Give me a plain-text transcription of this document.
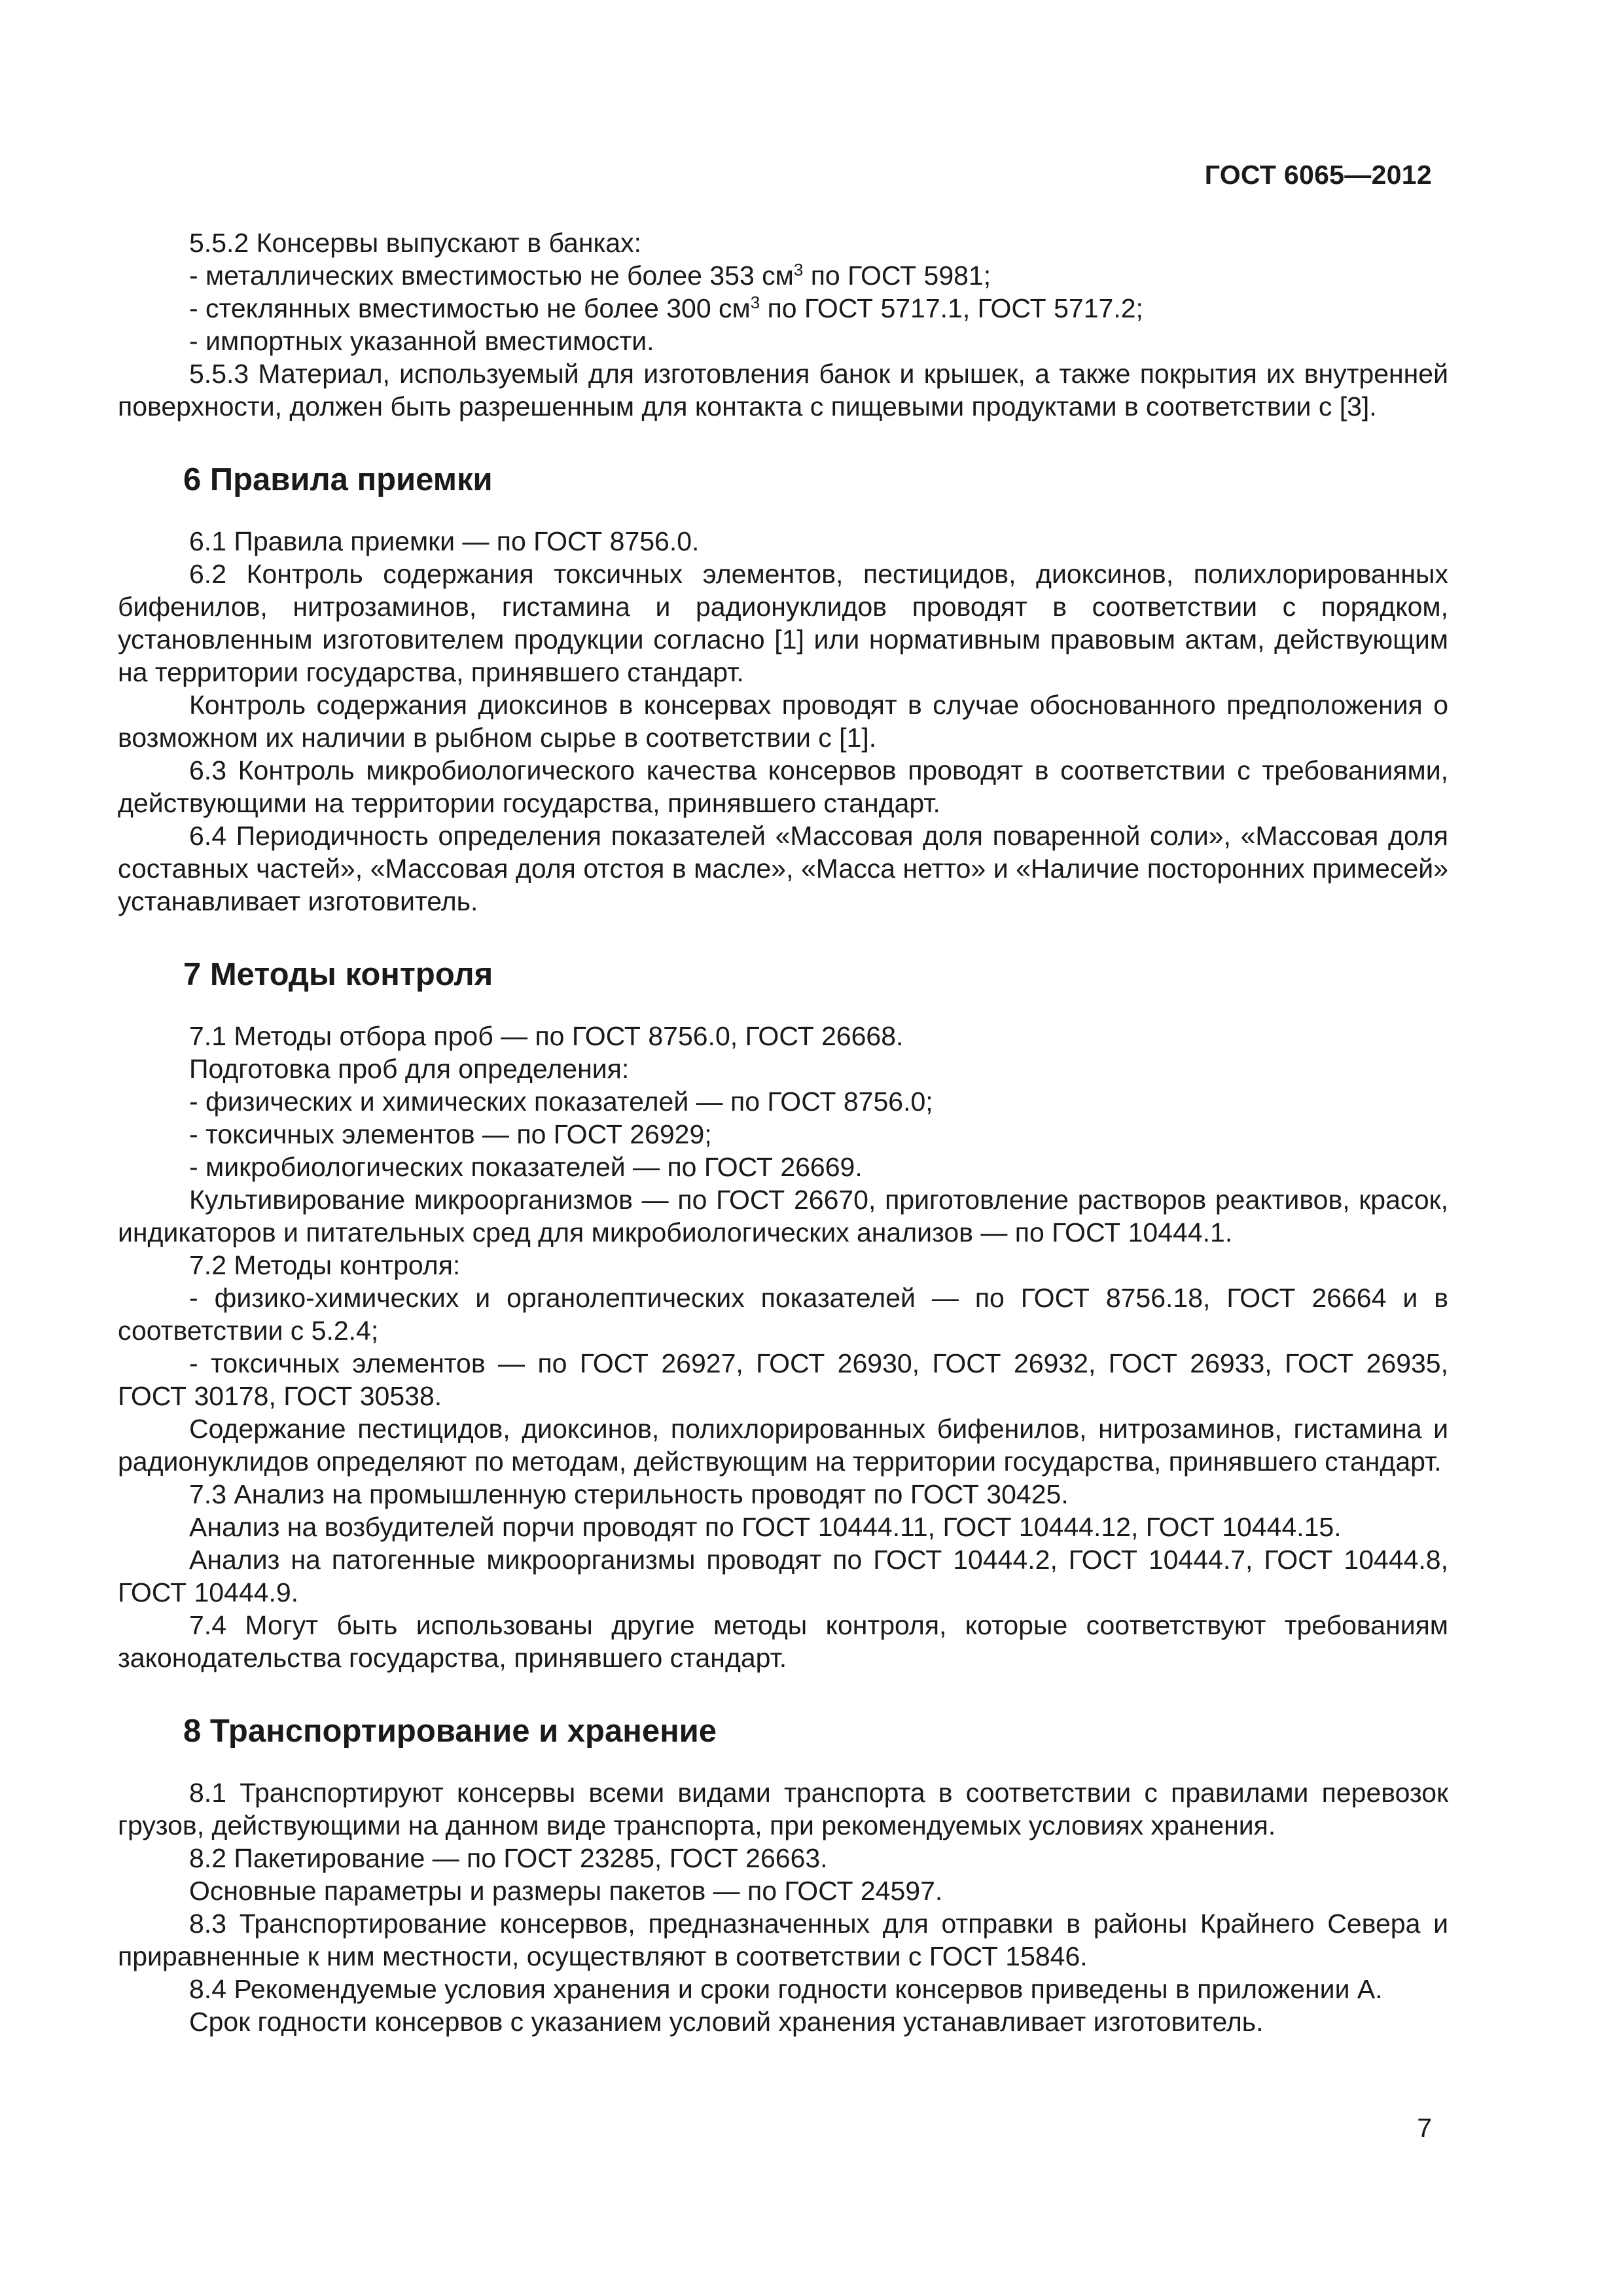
ГОСТ 6065—2012

5.5.2 Консервы выпускают в банках:

- металлических вместимостью не более 353 $см^3$ по ГОСТ 5981;

- стеклянных вместимостью не более 300 $см^3$ по ГОСТ 5717.1, ГОСТ 5717.2;

- импортных указанной вместимости.

5.5.3 Материал, используемый для изготовления банок и крышек, а также покрытия их внутренней поверхности, должен быть разрешенным для контакта с пищевыми продуктами в соответствии с [3].

6 Правила приемки

6.1 Правила приемки — по ГОСТ 8756.0.

6.2 Контроль содержания токсичных элементов, пестицидов, диоксинов, полихлорированных бифенилов, нитрозаминов, гистамина и радионуклидов проводят в соответствии с порядком, установленным изготовителем продукции согласно [1] или нормативным правовым актам, действующим на территории государства, принявшего стандарт.

Контроль содержания диоксинов в консервах проводят в случае обоснованного предположения о возможном их наличии в рыбном сырье в соответствии с [1].

6.3 Контроль микробиологического качества консервов проводят в соответствии с требованиями, действующими на территории государства, принявшего стандарт.

6.4 Периодичность определения показателей «Массовая доля поваренной соли», «Массовая доля составных частей», «Массовая доля отстоя в масле», «Масса нетто» и «Наличие посторонних примесей» устанавливает изготовитель.

7 Методы контроля

7.1 Методы отбора проб — по ГОСТ 8756.0, ГОСТ 26668.

Подготовка проб для определения:

- физических и химических показателей — по ГОСТ 8756.0;

- токсичных элементов — по ГОСТ 26929;

- микробиологических показателей — по ГОСТ 26669.

Культивирование микроорганизмов — по ГОСТ 26670, приготовление растворов реактивов, красок, индикаторов и питательных сред для микробиологических анализов — по ГОСТ 10444.1.

7.2 Методы контроля:

- физико-химических и органолептических показателей — по ГОСТ 8756.18, ГОСТ 26664 и в соответствии с 5.2.4;

- токсичных элементов — по ГОСТ 26927, ГОСТ 26930, ГОСТ 26932, ГОСТ 26933, ГОСТ 26935, ГОСТ 30178, ГОСТ 30538.

Содержание пестицидов, диоксинов, полихлорированных бифенилов, нитрозаминов, гистамина и радионуклидов определяют по методам, действующим на территории государства, принявшего стандарт.

7.3 Анализ на промышленную стерильность проводят по ГОСТ 30425.

Анализ на возбудителей порчи проводят по ГОСТ 10444.11, ГОСТ 10444.12, ГОСТ 10444.15.

Анализ на патогенные микроорганизмы проводят по ГОСТ 10444.2, ГОСТ 10444.7, ГОСТ 10444.8, ГОСТ 10444.9.

7.4 Могут быть использованы другие методы контроля, которые соответствуют требованиям законодательства государства, принявшего стандарт.

8 Транспортирование и хранение

8.1 Транспортируют консервы всеми видами транспорта в соответствии с правилами перевозок грузов, действующими на данном виде транспорта, при рекомендуемых условиях хранения.

8.2 Пакетирование — по ГОСТ 23285, ГОСТ 26663.

Основные параметры и размеры пакетов — по ГОСТ 24597.

8.3 Транспортирование консервов, предназначенных для отправки в районы Крайнего Севера и приравненные к ним местности, осуществляют в соответствии с ГОСТ 15846.

8.4 Рекомендуемые условия хранения и сроки годности консервов приведены в приложении А.

Срок годности консервов с указанием условий хранения устанавливает изготовитель.

7
